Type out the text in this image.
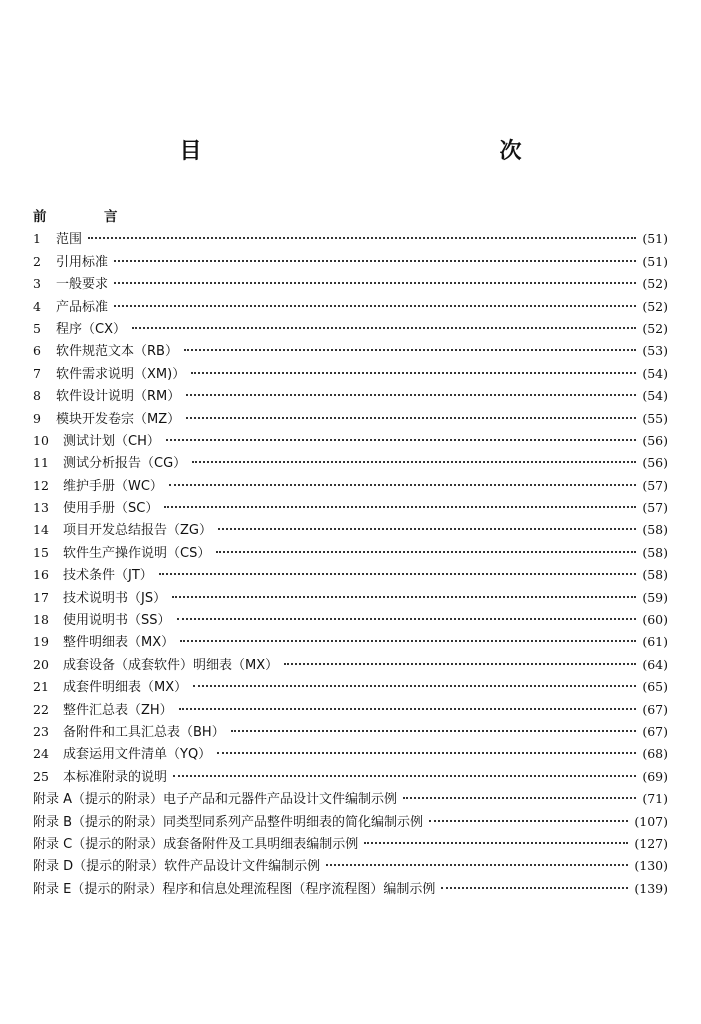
目　　　次
前　言
1	范围	(51)
2	引用标准	(51)
3	一般要求	(52)
4	产品标准	(52)
5	程序（CX）	(52)
6	软件规范文本（RB）	(53)
7	软件需求说明（XM)）	(54)
8	软件设计说明（RM）	(54)
9	模块开发卷宗（MZ）	(55)
10	测试计划（CH）	(56)
11	测试分析报告（CG）	(56)
12	维护手册（WC）	(57)
13	使用手册（SC）	(57)
14	项目开发总结报告（ZG）	(58)
15	软件生产操作说明（CS）	(58)
16	技术条件（JT）	(58)
17	技术说明书（JS）	(59)
18	使用说明书（SS）	(60)
19	整件明细表（MX）	(61)
20	成套设备（成套软件）明细表（MX）	(64)
21	成套件明细表（MX）	(65)
22	整件汇总表（ZH）	(67)
23	备附件和工具汇总表（BH）	(67)
24	成套运用文件清单（YQ）	(68)
25	本标准附录的说明	(69)
附录 A（提示的附录）电子产品和元器件产品设计文件编制示例	(71)
附录 B（提示的附录）同类型同系列产品整件明细表的简化编制示例	(107)
附录 C（提示的附录）成套备附件及工具明细表编制示例	(127)
附录 D（提示的附录）软件产品设计文件编制示例	(130)
附录 E（提示的附录）程序和信息处理流程图（程序流程图）编制示例	(139)
